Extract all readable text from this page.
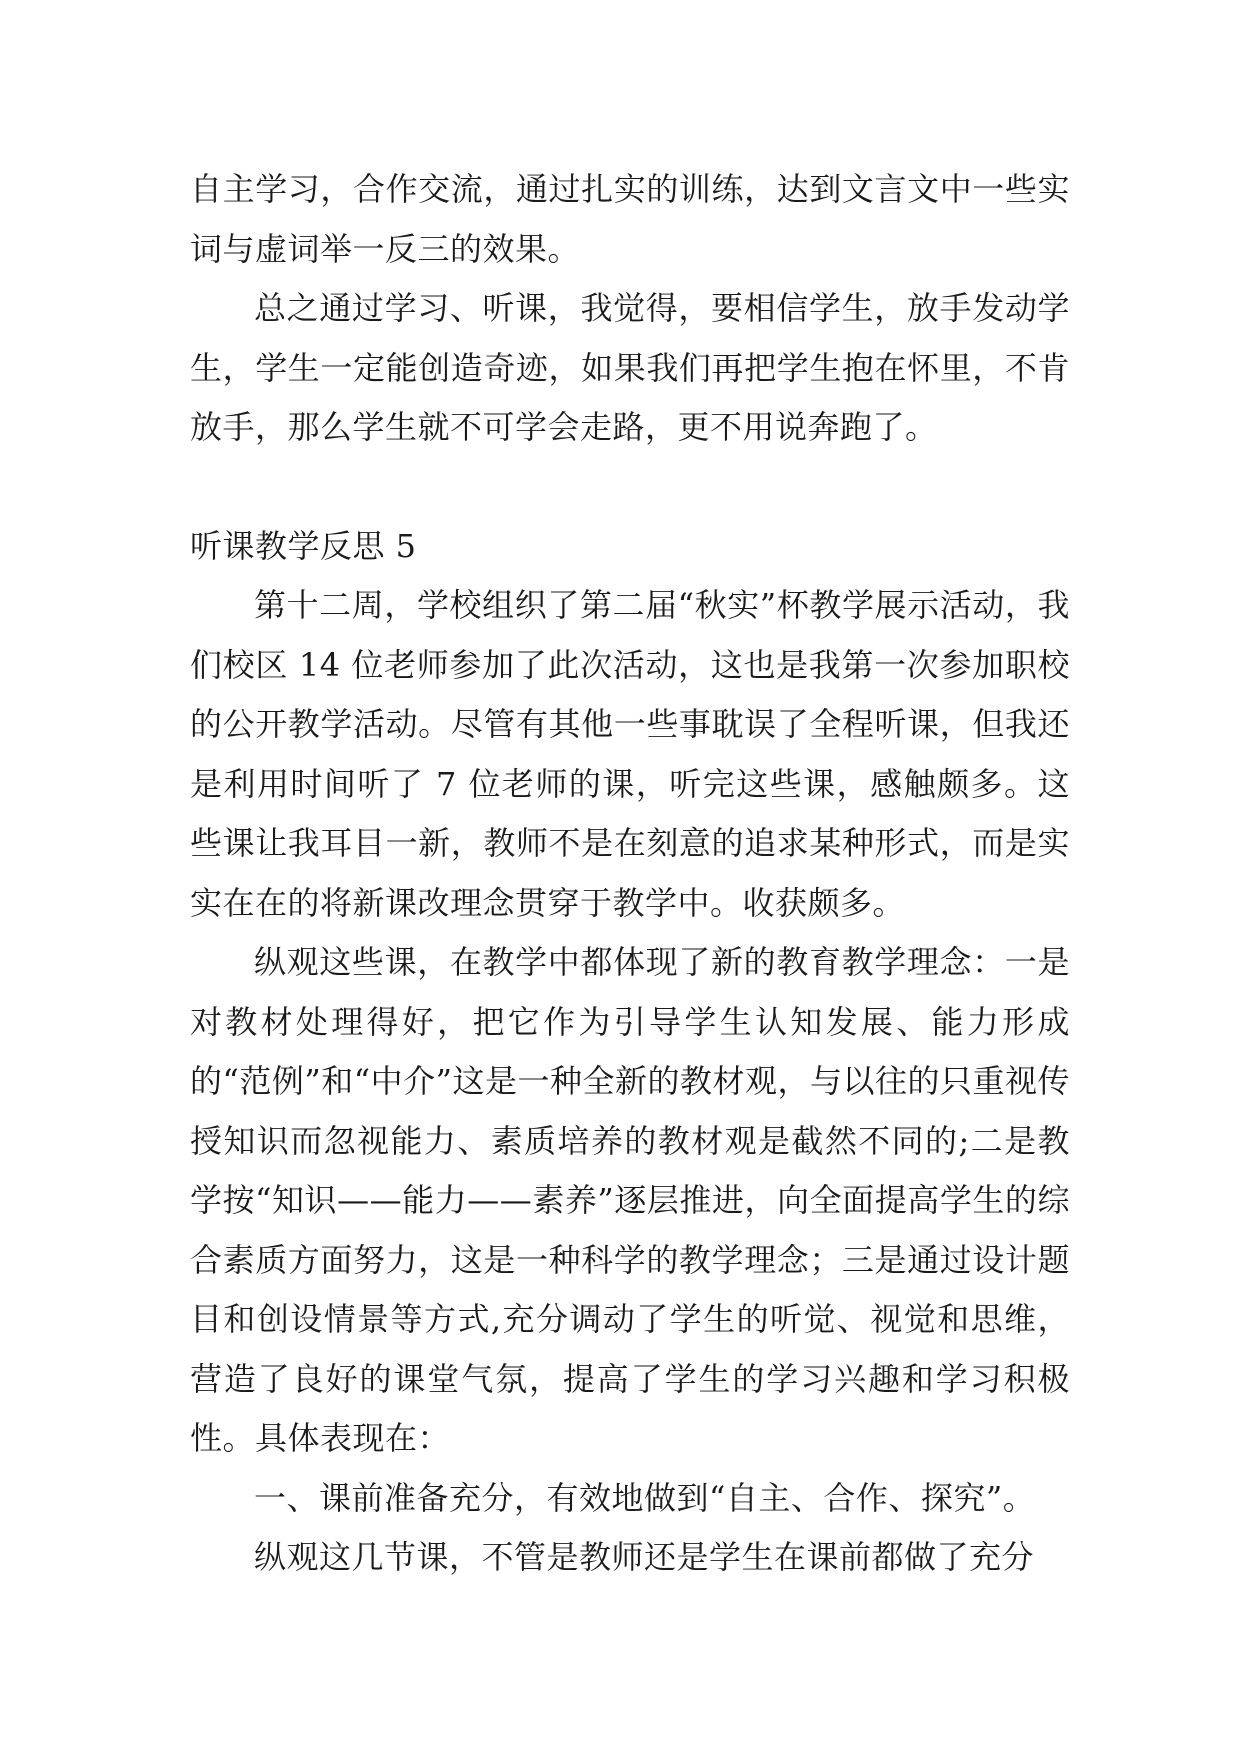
自主学习，合作交流，通过扎实的训练，达到文言文中一些实词与虚词举一反三的效果。

总之通过学习、听课，我觉得，要相信学生，放手发动学生，学生一定能创造奇迹，如果我们再把学生抱在怀里，不肯放手，那么学生就不可学会走路，更不用说奔跑了。

听课教学反思 5

第十二周，学校组织了第二届“秋实”杯教学展示活动，我们校区 14 位老师参加了此次活动，这也是我第一次参加职校的公开教学活动。尽管有其他一些事耽误了全程听课，但我还是利用时间听了 7 位老师的课，听完这些课，感触颇多。这些课让我耳目一新，教师不是在刻意的追求某种形式，而是实实在在的将新课改理念贯穿于教学中。收获颇多。

纵观这些课，在教学中都体现了新的教育教学理念：一是对教材处理得好，把它作为引导学生认知发展、能力形成的“范例”和“中介”这是一种全新的教材观，与以往的只重视传授知识而忽视能力、素质培养的教材观是截然不同的;二是教学按“知识——能力——素养”逐层推进，向全面提高学生的综合素质方面努力，这是一种科学的教学理念；三是通过设计题目和创设情景等方式,充分调动了学生的听觉、视觉和思维，营造了良好的课堂气氛，提高了学生的学习兴趣和学习积极性。具体表现在：

一、课前准备充分，有效地做到“自主、合作、探究”。

纵观这几节课，不管是教师还是学生在课前都做了充分
